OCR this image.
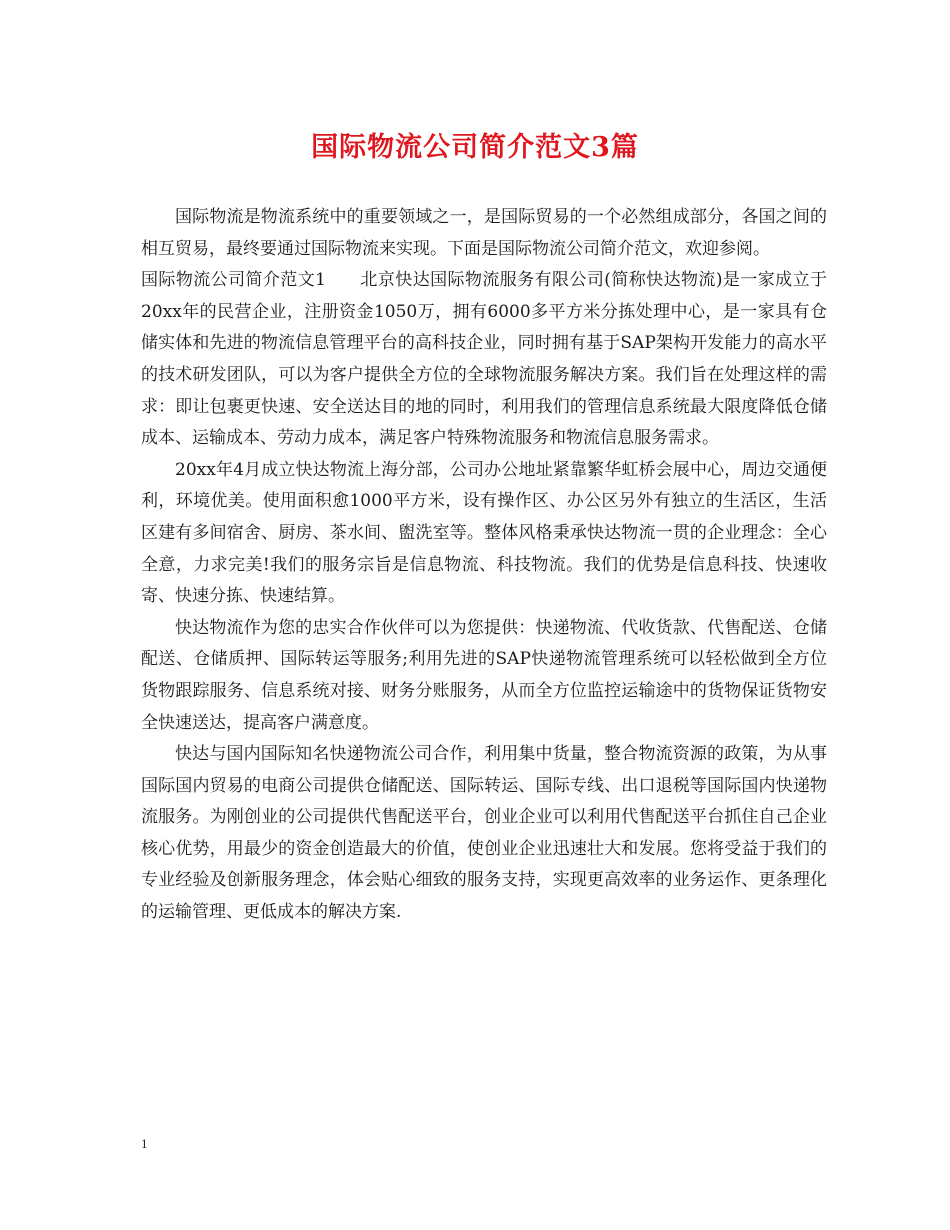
国际物流公司简介范文3篇

国际物流是物流系统中的重要领域之一，是国际贸易的一个必然组成部分，各国之间的相互贸易，最终要通过国际物流来实现。下面是国际物流公司简介范文，欢迎参阅。

国际物流公司简介范文1 北京快达国际物流服务有限公司(简称快达物流)是一家成立于20xx年的民营企业，注册资金1050万，拥有6000多平方米分拣处理中心，是一家具有仓储实体和先进的物流信息管理平台的高科技企业，同时拥有基于SAP架构开发能力的高水平的技术研发团队，可以为客户提供全方位的全球物流服务解决方案。我们旨在处理这样的需求：即让包裹更快速、安全送达目的地的同时，利用我们的管理信息系统最大限度降低仓储成本、运输成本、劳动力成本，满足客户特殊物流服务和物流信息服务需求。

20xx年4月成立快达物流上海分部，公司办公地址紧靠繁华虹桥会展中心，周边交通便利，环境优美。使用面积愈1000平方米，设有操作区、办公区另外有独立的生活区，生活区建有多间宿舍、厨房、茶水间、盥洗室等。整体风格秉承快达物流一贯的企业理念：全心全意，力求完美!我们的服务宗旨是信息物流、科技物流。我们的优势是信息科技、快速收寄、快速分拣、快速结算。

快达物流作为您的忠实合作伙伴可以为您提供：快递物流、代收货款、代售配送、仓储配送、仓储质押、国际转运等服务;利用先进的SAP快递物流管理系统可以轻松做到全方位货物跟踪服务、信息系统对接、财务分账服务，从而全方位监控运输途中的货物保证货物安全快速送达，提高客户满意度。

快达与国内国际知名快递物流公司合作，利用集中货量，整合物流资源的政策，为从事国际国内贸易的电商公司提供仓储配送、国际转运、国际专线、出口退税等国际国内快递物流服务。为刚创业的公司提供代售配送平台，创业企业可以利用代售配送平台抓住自己企业核心优势，用最少的资金创造最大的价值，使创业企业迅速壮大和发展。您将受益于我们的专业经验及创新服务理念，体会贴心细致的服务支持，实现更高效率的业务运作、更条理化的运输管理、更低成本的解决方案.

1
